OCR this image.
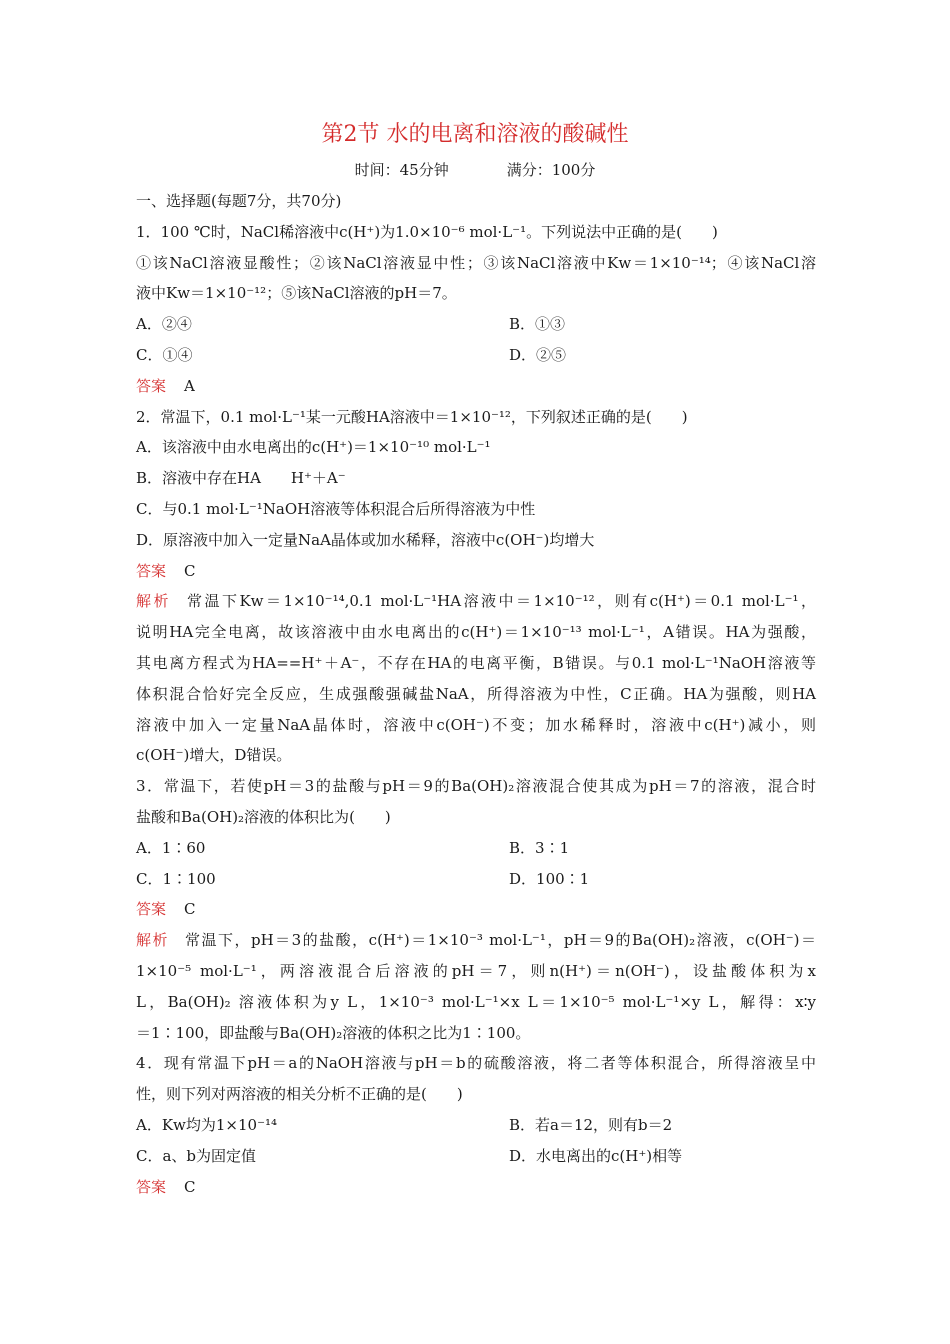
第2节 水的电离和溶液的酸碱性
时间：45分钟	满分：100分
一、选择题(每题7分，共70分)
1．100 ℃时，NaCl稀溶液中c(H⁺)为1.0×10⁻⁶ mol·L⁻¹。下列说法中正确的是(　　)
①该NaCl溶液显酸性；②该NaCl溶液显中性；③该NaCl溶液中Kw＝1×10⁻¹⁴；④该NaCl溶
液中Kw＝1×10⁻¹²；⑤该NaCl溶液的pH＝7。
A．②④	B．①③
C．①④	D．②⑤
答案 A
2．常温下，0.1 mol·L⁻¹某一元酸HA溶液中＝1×10⁻¹²，下列叙述正确的是(　　)
A．该溶液中由水电离出的c(H⁺)＝1×10⁻¹⁰ mol·L⁻¹
B．溶液中存在HA　　H⁺＋A⁻
C．与0.1 mol·L⁻¹NaOH溶液等体积混合后所得溶液为中性
D．原溶液中加入一定量NaA晶体或加水稀释，溶液中c(OH⁻)均增大
答案 C
解析 常温下Kw＝1×10⁻¹⁴,0.1 mol·L⁻¹HA溶液中＝1×10⁻¹²，则有c(H⁺)＝0.1 mol·L⁻¹，
说明HA完全电离，故该溶液中由水电离出的c(H⁺)＝1×10⁻¹³ mol·L⁻¹，A错误。HA为强酸，
其电离方程式为HA==H⁺＋A⁻，不存在HA的电离平衡，B错误。与0.1 mol·L⁻¹NaOH溶液等
体积混合恰好完全反应，生成强酸强碱盐NaA，所得溶液为中性，C正确。HA为强酸，则HA
溶液中加入一定量NaA晶体时，溶液中c(OH⁻)不变；加水稀释时，溶液中c(H⁺)减小，则
c(OH⁻)增大，D错误。
3．常温下，若使pH＝3的盐酸与pH＝9的Ba(OH)₂溶液混合使其成为pH＝7的溶液，混合时
盐酸和Ba(OH)₂溶液的体积比为(　　)
A．1∶60	B．3∶1
C．1∶100	D．100∶1
答案 C
解析 常温下，pH＝3的盐酸，c(H⁺)＝1×10⁻³ mol·L⁻¹，pH＝9的Ba(OH)₂溶液，c(OH⁻)＝
1×10⁻⁵ mol·L⁻¹，两溶液混合后溶液的pH＝7，则n(H⁺)＝n(OH⁻)，设盐酸体积为x
L，Ba(OH)₂ 溶液体积为y L，1×10⁻³ mol·L⁻¹×x L＝1×10⁻⁵ mol·L⁻¹×y L，解得：x∶y
＝1∶100，即盐酸与Ba(OH)₂溶液的体积之比为1∶100。
4．现有常温下pH＝a的NaOH溶液与pH＝b的硫酸溶液，将二者等体积混合，所得溶液呈中
性，则下列对两溶液的相关分析不正确的是(　　)
A．Kw均为1×10⁻¹⁴	B．若a＝12，则有b＝2
C．a、b为固定值	D．水电离出的c(H⁺)相等
答案 C
